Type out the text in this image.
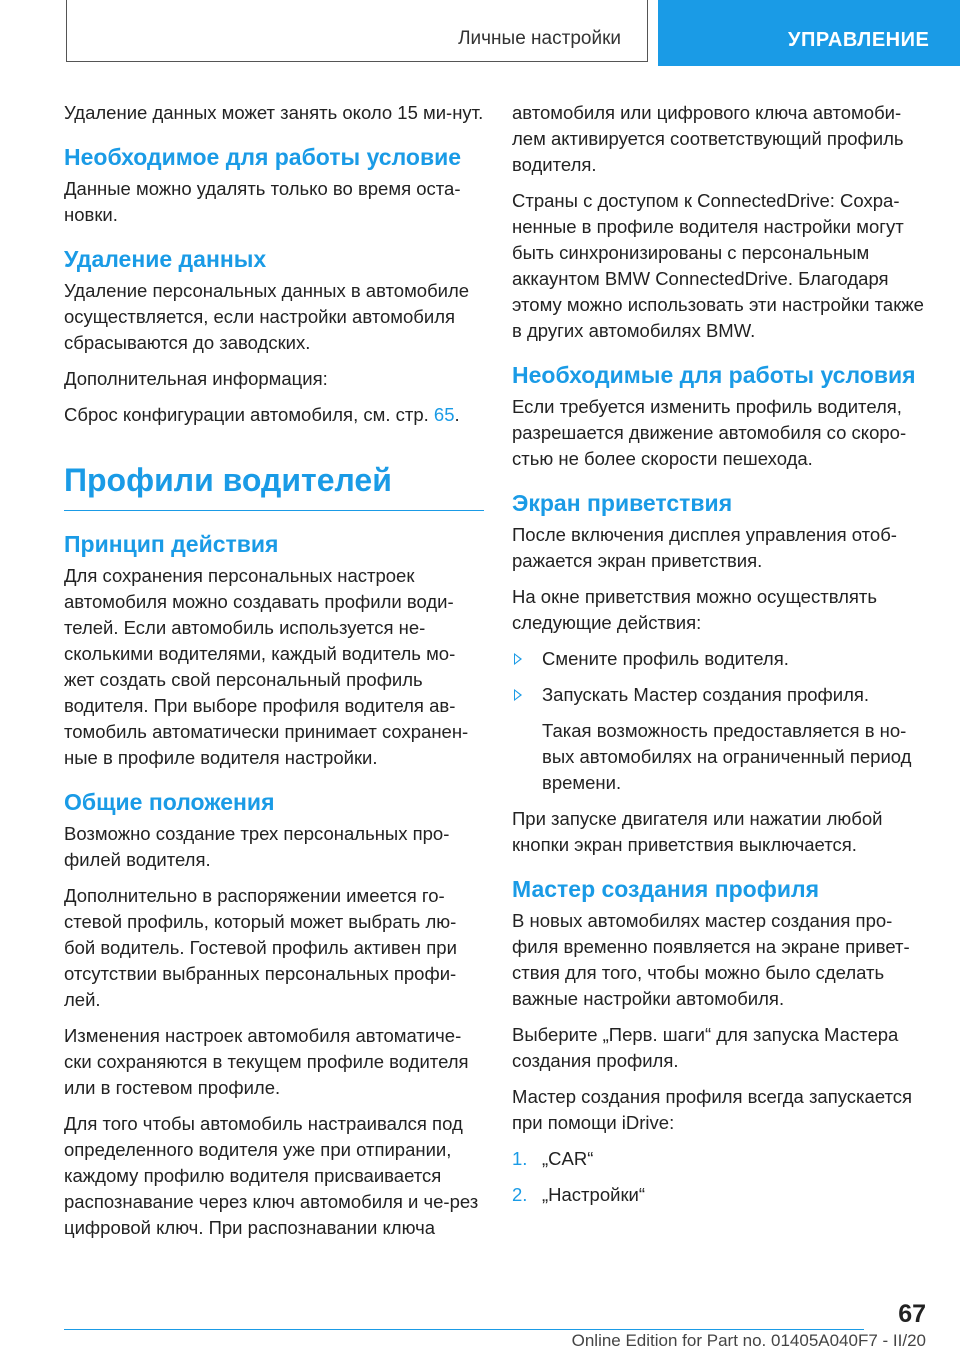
Личные настройки	УПРАВЛЕНИЕ

Удаление данных может занять около 15 ми-нут.

Необходимое для работы условие

Данные можно удалять только во время оста-новки.

Удаление данных

Удаление персональных данных в автомобиле осуществляется, если настройки автомобиля сбрасываются до заводских.

Дополнительная информация:

Сброс конфигурации автомобиля, см. стр. 65.

Профили водителей
Принцип действия

Для сохранения персональных настроек автомобиля можно создавать профили води-телей. Если автомобиль используется не-сколькими водителями, каждый водитель мо-жет создать свой персональный профиль водителя. При выборе профиля водителя ав-томобиль автоматически принимает сохранен-ные в профиле водителя настройки.

Общие положения

Возможно создание трех персональных про-филей водителя.

Дополнительно в распоряжении имеется го-стевой профиль, который может выбрать лю-бой водитель. Гостевой профиль активен при отсутствии выбранных персональных профи-лей.

Изменения настроек автомобиля автоматиче-ски сохраняются в текущем профиле водителя или в гостевом профиле.

Для того чтобы автомобиль настраивался под определенного водителя уже при отпирании, каждому профилю водителя присваивается распознавание через ключ автомобиля и че-рез цифровой ключ. При распознавании ключа

автомобиля или цифрового ключа автомоби-лем активируется соответствующий профиль водителя.

Страны с доступом к ConnectedDrive: Сохра-ненные в профиле водителя настройки могут быть синхронизированы с персональным аккаунтом BMW ConnectedDrive. Благодаря этому можно использовать эти настройки также в других автомобилях BMW.

Необходимые для работы условия

Если требуется изменить профиль водителя, разрешается движение автомобиля со скоро-стью не более скорости пешехода.

Экран приветствия

После включения дисплея управления отоб-ражается экран приветствия.

На окне приветствия можно осуществлять следующие действия:

Смените профиль водителя.
Запускать Мастер создания профиля.
Такая возможность предоставляется в но-вых автомобилях на ограниченный период времени.

При запуске двигателя или нажатии любой кнопки экран приветствия выключается.

Мастер создания профиля

В новых автомобилях мастер создания про-филя временно появляется на экране привет-ствия для того, чтобы можно было сделать важные настройки автомобиля.

Выберите „Перв. шаги“ для запуска Мастера создания профиля.

Мастер создания профиля всегда запускается при помощи iDrive:

1. „CAR“
2. „Настройки“
67
Online Edition for Part no. 01405A040F7 - II/20
